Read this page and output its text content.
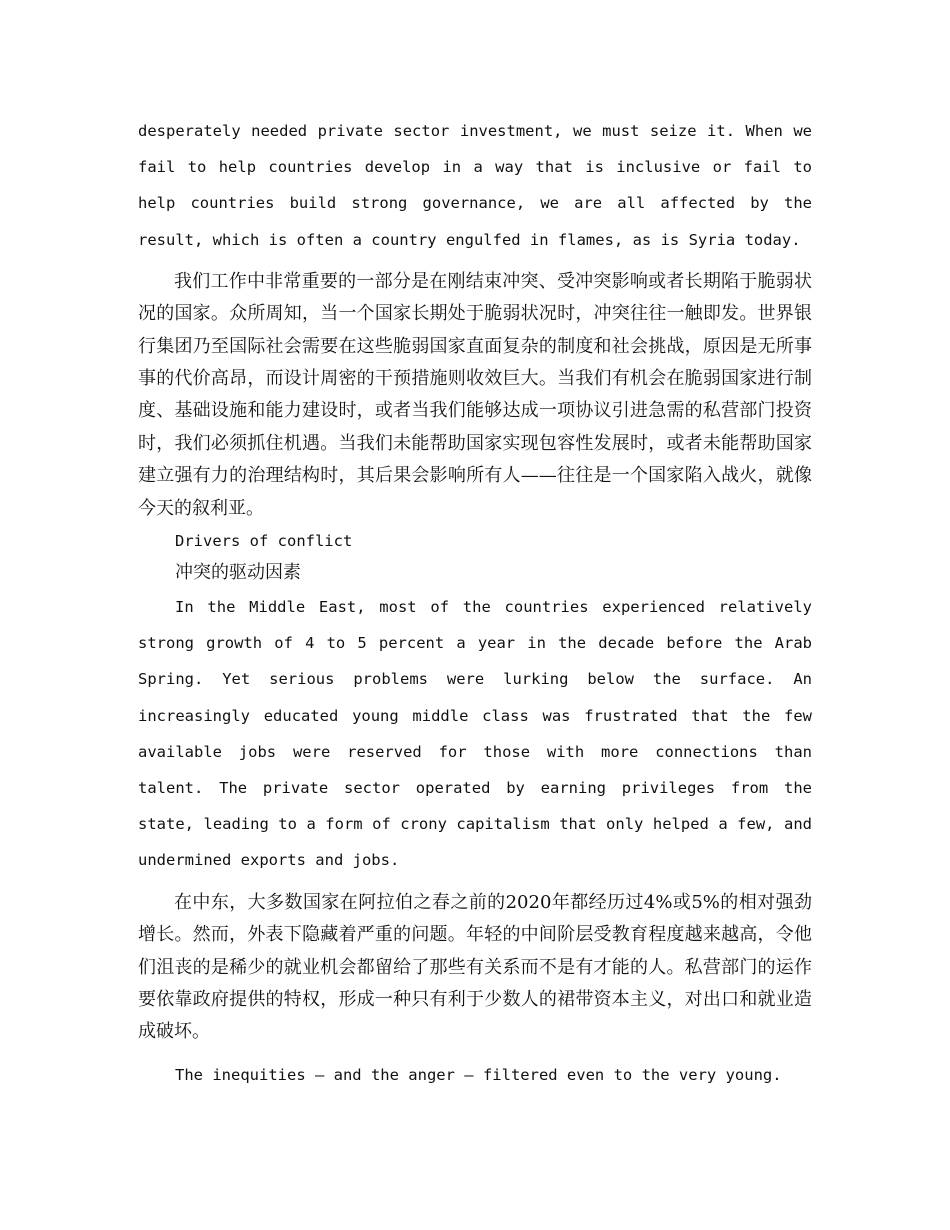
desperately needed private sector investment, we must seize it. When we fail to help countries develop in a way that is inclusive or fail to help countries build strong governance, we are all affected by the result, which is often a country engulfed in flames, as is Syria today.

我们工作中非常重要的一部分是在刚结束冲突、受冲突影响或者长期陷于脆弱状况的国家。众所周知，当一个国家长期处于脆弱状况时，冲突往往一触即发。世界银行集团乃至国际社会需要在这些脆弱国家直面复杂的制度和社会挑战，原因是无所事事的代价高昂，而设计周密的干预措施则收效巨大。当我们有机会在脆弱国家进行制度、基础设施和能力建设时，或者当我们能够达成一项协议引进急需的私营部门投资时，我们必须抓住机遇。当我们未能帮助国家实现包容性发展时，或者未能帮助国家建立强有力的治理结构时，其后果会影响所有人——往往是一个国家陷入战火，就像今天的叙利亚。

Drivers of conflict

冲突的驱动因素

In the Middle East, most of the countries experienced relatively strong growth of 4 to 5 percent a year in the decade before the Arab Spring. Yet serious problems were lurking below the surface. An increasingly educated young middle class was frustrated that the few available jobs were reserved for those with more connections than talent. The private sector operated by earning privileges from the state, leading to a form of crony capitalism that only helped a few, and undermined exports and jobs.

在中东，大多数国家在阿拉伯之春之前的2020年都经历过4%或5%的相对强劲增长。然而，外表下隐藏着严重的问题。年轻的中间阶层受教育程度越来越高，令他们沮丧的是稀少的就业机会都留给了那些有关系而不是有才能的人。私营部门的运作要依靠政府提供的特权，形成一种只有利于少数人的裙带资本主义，对出口和就业造成破坏。

The inequities – and the anger – filtered even to the very young.
